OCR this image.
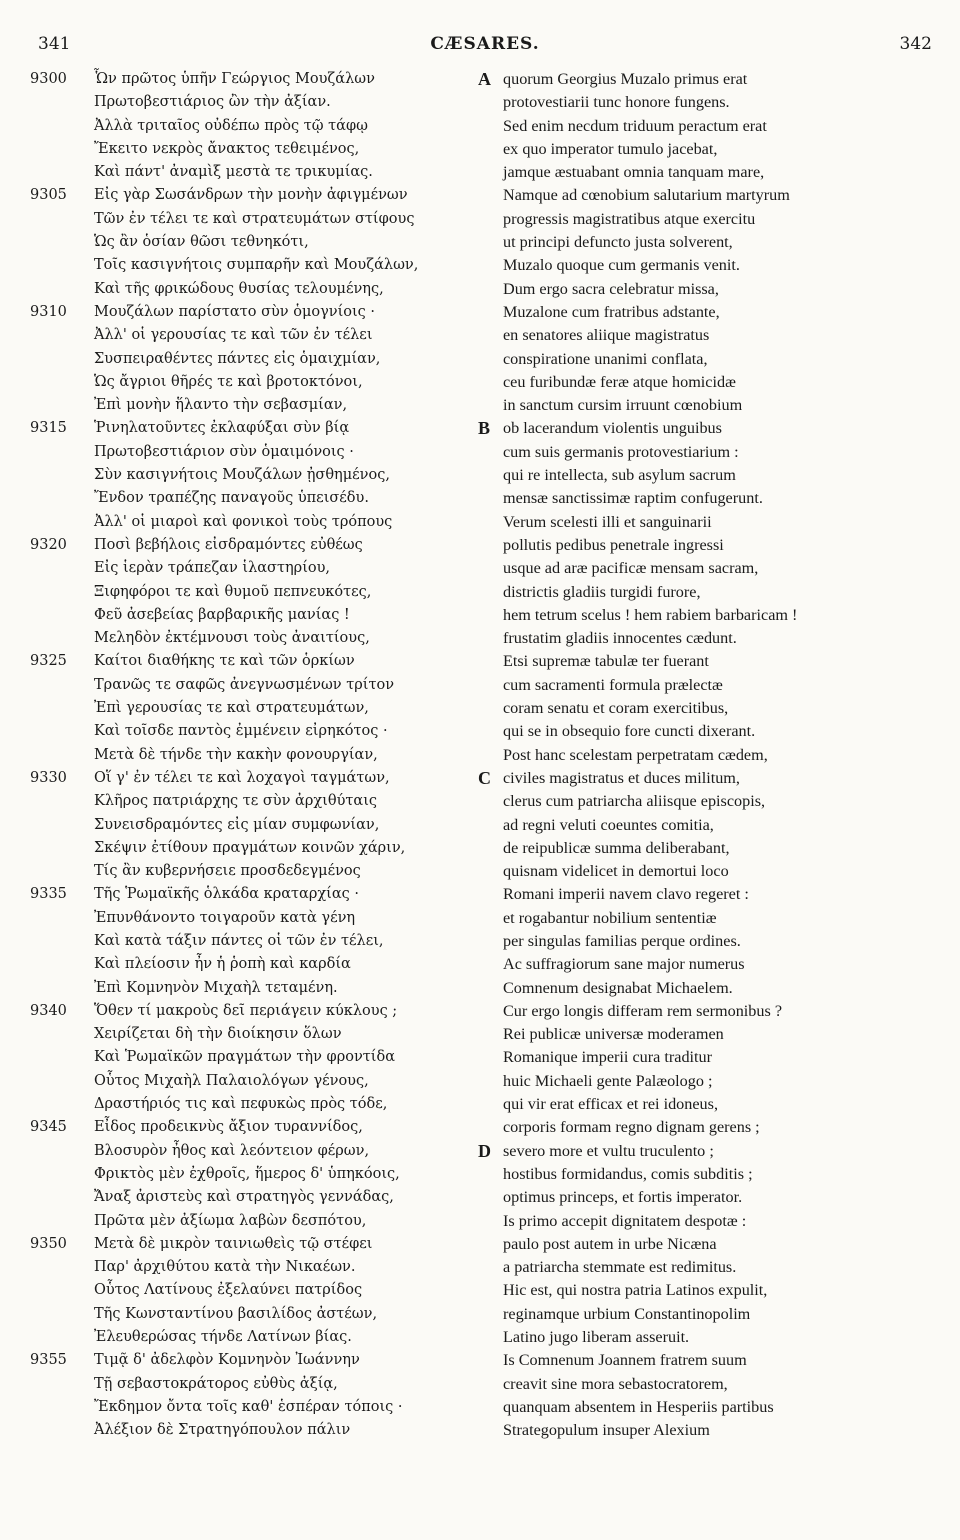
341	CÆSARES.	342
9300	Ὧν πρῶτος ὑπῆν Γεώργιος Μουζάλων
Πρωτοβεστιάριος ὢν τὴν ἀξίαν.
Ἀλλὰ τριταῖος οὐδέπω πρὸς τῷ τάφῳ
Ἔκειτο νεκρὸς ἄνακτος τεθειμένος,
Καὶ πάντ' ἀναμὶξ μεστὰ τε τρικυμίας.
9305	Εἰς γὰρ Σωσάνδρων τὴν μονὴν ἀφιγμένων
Τῶν ἐν τέλει τε καὶ στρατευμάτων στίφους
Ὡς ἂν ὁσίαν θῶσι τεθνηκότι,
Τοῖς κασιγνήτοις συμπαρῆν καὶ Μουζάλων,
Καὶ τῆς φρικώδους θυσίας τελουμένης,
9310	Μουζάλων παρίστατο σὺν ὁμογνίοις ·
Ἀλλ' οἱ γερουσίας τε καὶ τῶν ἐν τέλει
Συσπειραθέντες πάντες εἰς ὁμαιχμίαν,
Ὡς ἄγριοι θῆρές τε καὶ βροτοκτόνοι,
Ἐπὶ μονὴν ἥλαντο τὴν σεβασμίαν,
9315	Ῥινηλατοῦντες ἐκλαφύξαι σὺν βίᾳ
Πρωτοβεστιάριον σὺν ὁμαιμόνοις ·
Σὺν κασιγνήτοις Μουζάλων ᾐσθημένος,
Ἔνδον τραπέζης παναγοῦς ὑπεισέδυ.
Ἀλλ' οἱ μιαροὶ καὶ φονικοὶ τοὺς τρόπους
9320	Ποσὶ βεβήλοις εἰσδραμόντες εὐθέως
Εἰς ἱερὰν τράπεζαν ἱλαστηρίου,
Ξιφηφόροι τε καὶ θυμοῦ πεπνευκότες,
Φεῦ ἀσεβείας βαρβαρικῆς μανίας !
Μεληδὸν ἐκτέμνουσι τοὺς ἀναιτίους,
9325	Καίτοι διαθήκης τε καὶ τῶν ὁρκίων
Τρανῶς τε σαφῶς ἀνεγνωσμένων τρίτον
Ἐπὶ γερουσίας τε καὶ στρατευμάτων,
Καὶ τοῖσδε παντὸς ἐμμένειν εἰρηκότος ·
Μετὰ δὲ τήνδε τὴν κακὴν φονουργίαν,
9330	Οἵ γ' ἐν τέλει τε καὶ λοχαγοὶ ταγμάτων,
Κλῆρος πατριάρχης τε σὺν ἀρχιθύταις
Συνεισδραμόντες εἰς μίαν συμφωνίαν,
Σκέψιν ἐτίθουν πραγμάτων κοινῶν χάριν,
Τίς ἂν κυβερνήσειε προσδεδεγμένος
9335	Τῆς Ῥωμαϊκῆς ὁλκάδα κραταρχίας ·
Ἐπυνθάνοντο τοιγαροῦν κατὰ γένη
Καὶ κατὰ τάξιν πάντες οἱ τῶν ἐν τέλει,
Καὶ πλείοσιν ἦν ἡ ῥοπὴ καὶ καρδία
Ἐπὶ Κομνηνὸν Μιχαὴλ τεταμένη.
9340	Ὅθεν τί μακροὺς δεῖ περιάγειν κύκλους ;
Χειρίζεται δὴ τὴν διοίκησιν ὅλων
Καὶ Ῥωμαϊκῶν πραγμάτων τὴν φροντίδα
Οὗτος Μιχαὴλ Παλαιολόγων γένους,
Δραστήριός τις καὶ πεφυκὼς πρὸς τόδε,
9345	Εἶδος προδεικνὺς ἄξιον τυραννίδος,
Βλοσυρὸν ἦθος καὶ λεόντειον φέρων,
Φρικτὸς μὲν ἐχθροῖς, ἥμερος δ' ὑπηκόοις,
Ἄναξ ἀριστεὺς καὶ στρατηγὸς γεννάδας,
Πρῶτα μὲν ἀξίωμα λαβὼν δεσπότου,
9350	Μετὰ δὲ μικρὸν ταινιωθεὶς τῷ στέφει
Παρ' ἀρχιθύτου κατὰ τὴν Νικαέων.
Οὗτος Λατίνους ἐξελαύνει πατρίδος
Τῆς Κωνσταντίνου βασιλίδος ἀστέων,
Ἐλευθερώσας τήνδε Λατίνων βίας.
9355	Τιμᾷ δ' ἀδελφὸν Κομνηνὸν Ἰωάννην
Τῇ σεβαστοκράτορος εὐθὺς ἀξίᾳ,
Ἔκδημον ὄντα τοῖς καθ' ἑσπέραν τόποις ·
Ἀλέξιον δὲ Στρατηγόπουλον πάλιν
A quorum Georgius Muzalo primus erat
protovestiarii tunc honore fungens.
Sed enim necdum triduum peractum erat
ex quo imperator tumulo jacebat,
jamque æstuabant omnia tanquam mare,
Namque ad cœnobium salutarium martyrum
progressis magistratibus atque exercitu
ut principi defuncto justa solverent,
Muzalo quoque cum germanis venit.
Dum ergo sacra celebratur missa,
Muzalone cum fratribus adstante,
en senatores aliique magistratus
conspiratione unanimi conflata,
ceu furibundæ feræ atque homicidæ
in sanctum cursim irruunt cœnobium
B ob lacerandum violentis unguibus
cum suis germanis protovestiarium :
qui re intellecta, sub asylum sacrum
mensæ sanctissimæ raptim confugerunt.
Verum scelesti illi et sanguinarii
pollutis pedibus penetrale ingressi
usque ad aræ pacificæ mensam sacram,
districtis gladiis turgidi furore,
hem tetrum scelus ! hem rabiem barbaricam !
frustatim gladiis innocentes cædunt.
Etsi supremæ tabulæ ter fuerant
cum sacramenti formula prælectæ
coram senatu et coram exercitibus,
qui se in obsequio fore cuncti dixerant.
Post hanc scelestam perpetratam cædem,
C civiles magistratus et duces militum,
clerus cum patriarcha aliisque episcopis,
ad regni veluti coeuntes comitia,
de reipublicæ summa deliberabant,
quisnam videlicet in demortui loco
Romani imperii navem clavo regeret :
et rogabantur nobilium sententiæ
per singulas familias perque ordines.
Ac suffragiorum sane major numerus
Comnenum designabat Michaelem.
Cur ergo longis differam rem sermonibus ?
Rei publicæ universæ moderamen
Romanique imperii cura traditur
huic Michaeli gente Palæologo ;
qui vir erat efficax et rei idoneus,
corporis formam regno dignam gerens ;
D severo more et vultu truculento ;
hostibus formidandus, comis subditis ;
optimus princeps, et fortis imperator.
Is primo accepit dignitatem despotæ :
paulo post autem in urbe Nicæna
a patriarcha stemmate est redimitus.
Hic est, qui nostra patria Latinos expulit,
reginamque urbium Constantinopolim
Latino jugo liberam asseruit.
Is Comnenum Joannem fratrem suum
creavit sine mora sebastocratorem,
quanquam absentem in Hesperiis partibus
Strategopulum insuper Alexium
